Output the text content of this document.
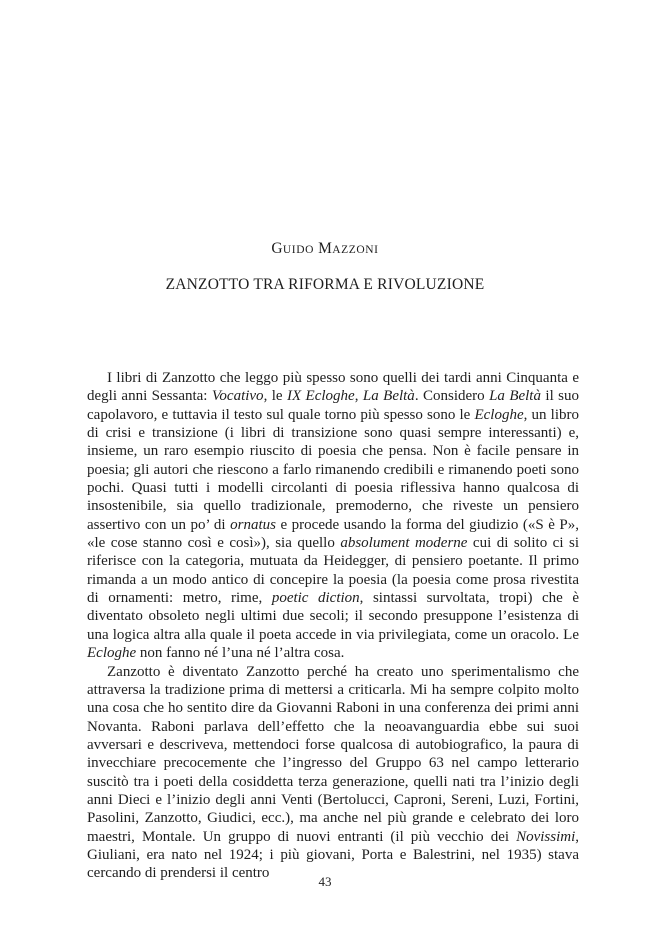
GUIDO MAZZONI
ZANZOTTO TRA RIFORMA E RIVOLUZIONE

I libri di Zanzotto che leggo più spesso sono quelli dei tardi anni Cinquanta e degli anni Sessanta: Vocativo, le IX Ecloghe, La Beltà. Considero La Beltà il suo capolavoro, e tuttavia il testo sul quale torno più spesso sono le Ecloghe, un libro di crisi e transizione (i libri di transizione sono quasi sempre interessanti) e, insieme, un raro esempio riuscito di poesia che pensa. Non è facile pensare in poesia; gli autori che riescono a farlo rimanendo credibili e rimanendo poeti sono pochi. Quasi tutti i modelli circolanti di poesia riflessiva hanno qualcosa di insostenibile, sia quello tradizionale, premoderno, che riveste un pensiero assertivo con un po’ di ornatus e procede usando la forma del giudizio («S è P», «le cose stanno così e così»), sia quello absolument moderne cui di solito ci si riferisce con la categoria, mutuata da Heidegger, di pensiero poetante. Il primo rimanda a un modo antico di concepire la poesia (la poesia come prosa rivestita di ornamenti: metro, rime, poetic diction, sintassi survoltata, tropi) che è diventato obsoleto negli ultimi due secoli; il secondo presuppone l’esistenza di una logica altra alla quale il poeta accede in via privilegiata, come un oracolo. Le Ecloghe non fanno né l’una né l’altra cosa.

Zanzotto è diventato Zanzotto perché ha creato uno sperimentalismo che attraversa la tradizione prima di mettersi a criticarla. Mi ha sempre colpito molto una cosa che ho sentito dire da Giovanni Raboni in una conferenza dei primi anni Novanta. Raboni parlava dell’effetto che la neoavanguardia ebbe sui suoi avversari e descriveva, mettendoci forse qualcosa di autobiografico, la paura di invecchiare precocemente che l’ingresso del Gruppo 63 nel campo letterario suscitò tra i poeti della cosiddetta terza generazione, quelli nati tra l’inizio degli anni Dieci e l’inizio degli anni Venti (Bertolucci, Caproni, Sereni, Luzi, Fortini, Pasolini, Zanzotto, Giudici, ecc.), ma anche nel più grande e celebrato dei loro maestri, Montale. Un gruppo di nuovi entranti (il più vecchio dei Novissimi, Giuliani, era nato nel 1924; i più giovani, Porta e Balestrini, nel 1935) stava cercando di prendersi il centro

43
